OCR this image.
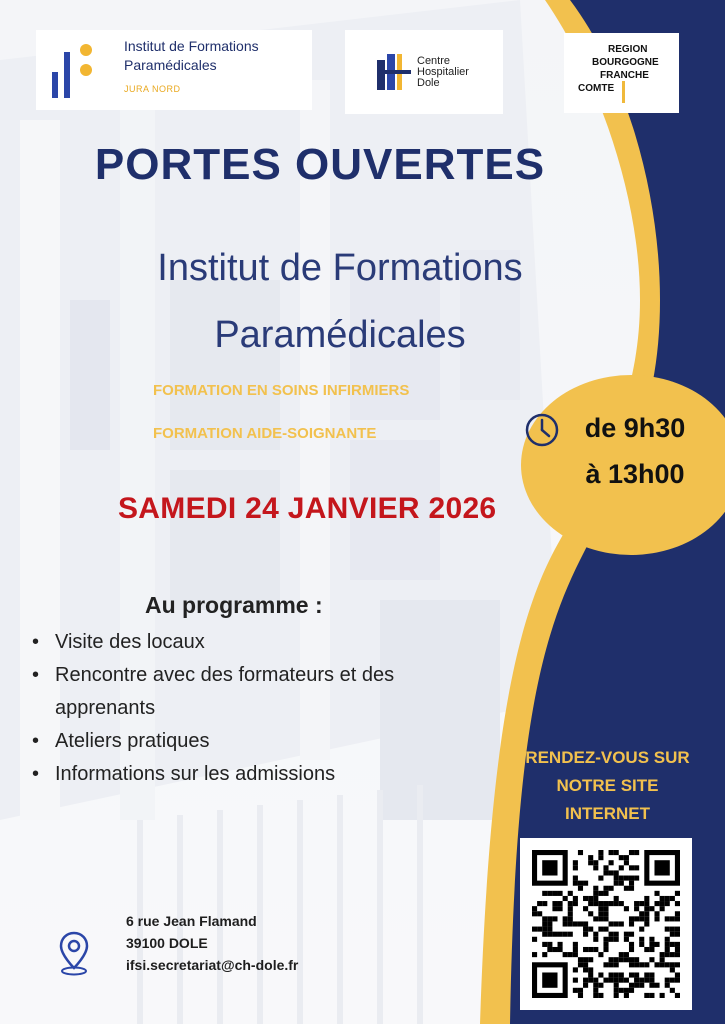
Institut de Formations
Paramédicales
JURA NORD
Centre
Hospitalier
Dole
REGION
BOURGOGNE
FRANCHE
COMTE
PORTES OUVERTES
Institut de Formations
Paramédicales
FORMATION EN SOINS INFIRMIERS
FORMATION AIDE-SOIGNANTE	de 9h30
à 13h00
SAMEDI 24 JANVIER 2026
Au programme :
• Visite des locaux
• Rencontre avec des formateurs et des apprenants
• Ateliers pratiques
• Informations sur les admissions
RENDEZ-VOUS SUR
NOTRE SITE
INTERNET
6 rue Jean Flamand
39100 DOLE
ifsi.secretariat@ch-dole.fr
